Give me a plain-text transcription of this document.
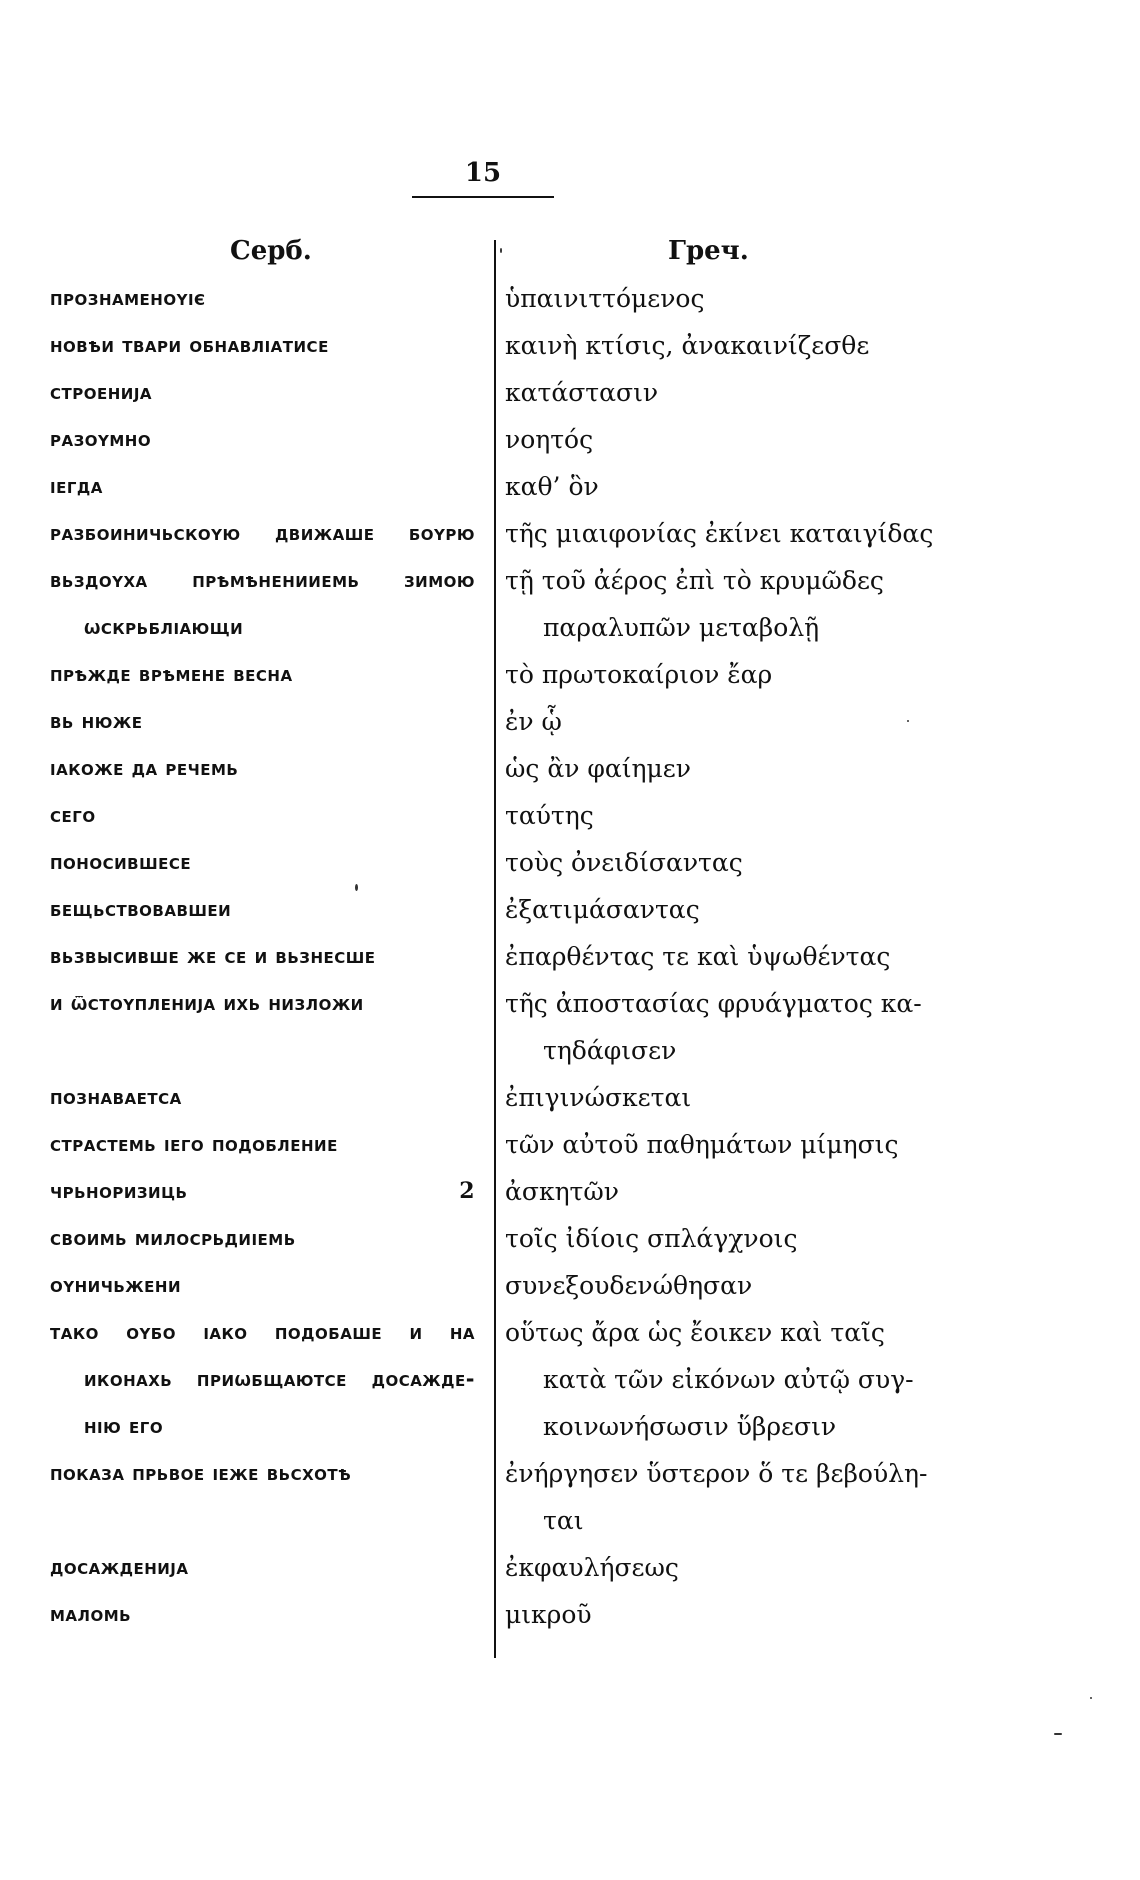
15
Серб.	Греч.
прознаменоүіє
новѣи твари обнавлıатисе
строенија
разоүмно
ıегда
разбоиничьскоүю движаше боүрю
вьздоүха прѣмѣненииемь зимою
ѡскрьблıающи
прѣжде врѣмене весна
вь нюже
ıакоже да речемь
сего
поносившесе
бещьствовавшеи
вьзвысивше же се и вьзнесше
и ѿстоүпленија ихь низложи
познаваетса
страстемь ıего подобление
чрьноризиць	2
своимь милосрьдиıемь
оүничьжени
тако оүбо ıако подобаше и на
иконахь приѡбщаютсе досажде-
нію его
показа прьвое ıеже вьсхотѣ
досажденија
маломь
ὑπαινιττόμενος
καινὴ κτίσις, ἀνακαινίζεσθε
κατάστασιν
νοητός
καθ’ ὃν
τῆς μιαιφονίας ἐκίνει καταιγίδας
τῇ τοῦ ἀέρος ἐπὶ τὸ κρυμῶδες
παραλυπῶν μεταβολῇ
τὸ πρωτοκαίριον ἔαρ
ἐν ᾧ
ὡς ἂν φαίημεν
ταύτης
τοὺς ὀνειδίσαντας
ἐξατιμάσαντας
ἐπαρθέντας τε καὶ ὑψωθέντας
τῆς ἀποστασίας φρυάγματος κα-
τηδάφισεν
ἐπιγινώσκεται
τῶν αὐτοῦ παθημάτων μίμησις
ἀσκητῶν
τοῖς ἰδίοις σπλάγχνοις
συνεξουδενώθησαν
οὕτως ἄρα ὡς ἔοικεν καὶ ταῖς
κατὰ τῶν εἰκόνων αὐτῷ συγ-
κοινωνήσωσιν ὕβρεσιν
ἐνήργησεν ὕστερον ὅ τε βεβούλη-
ται
ἐκφαυλήσεως
μικροῦ
